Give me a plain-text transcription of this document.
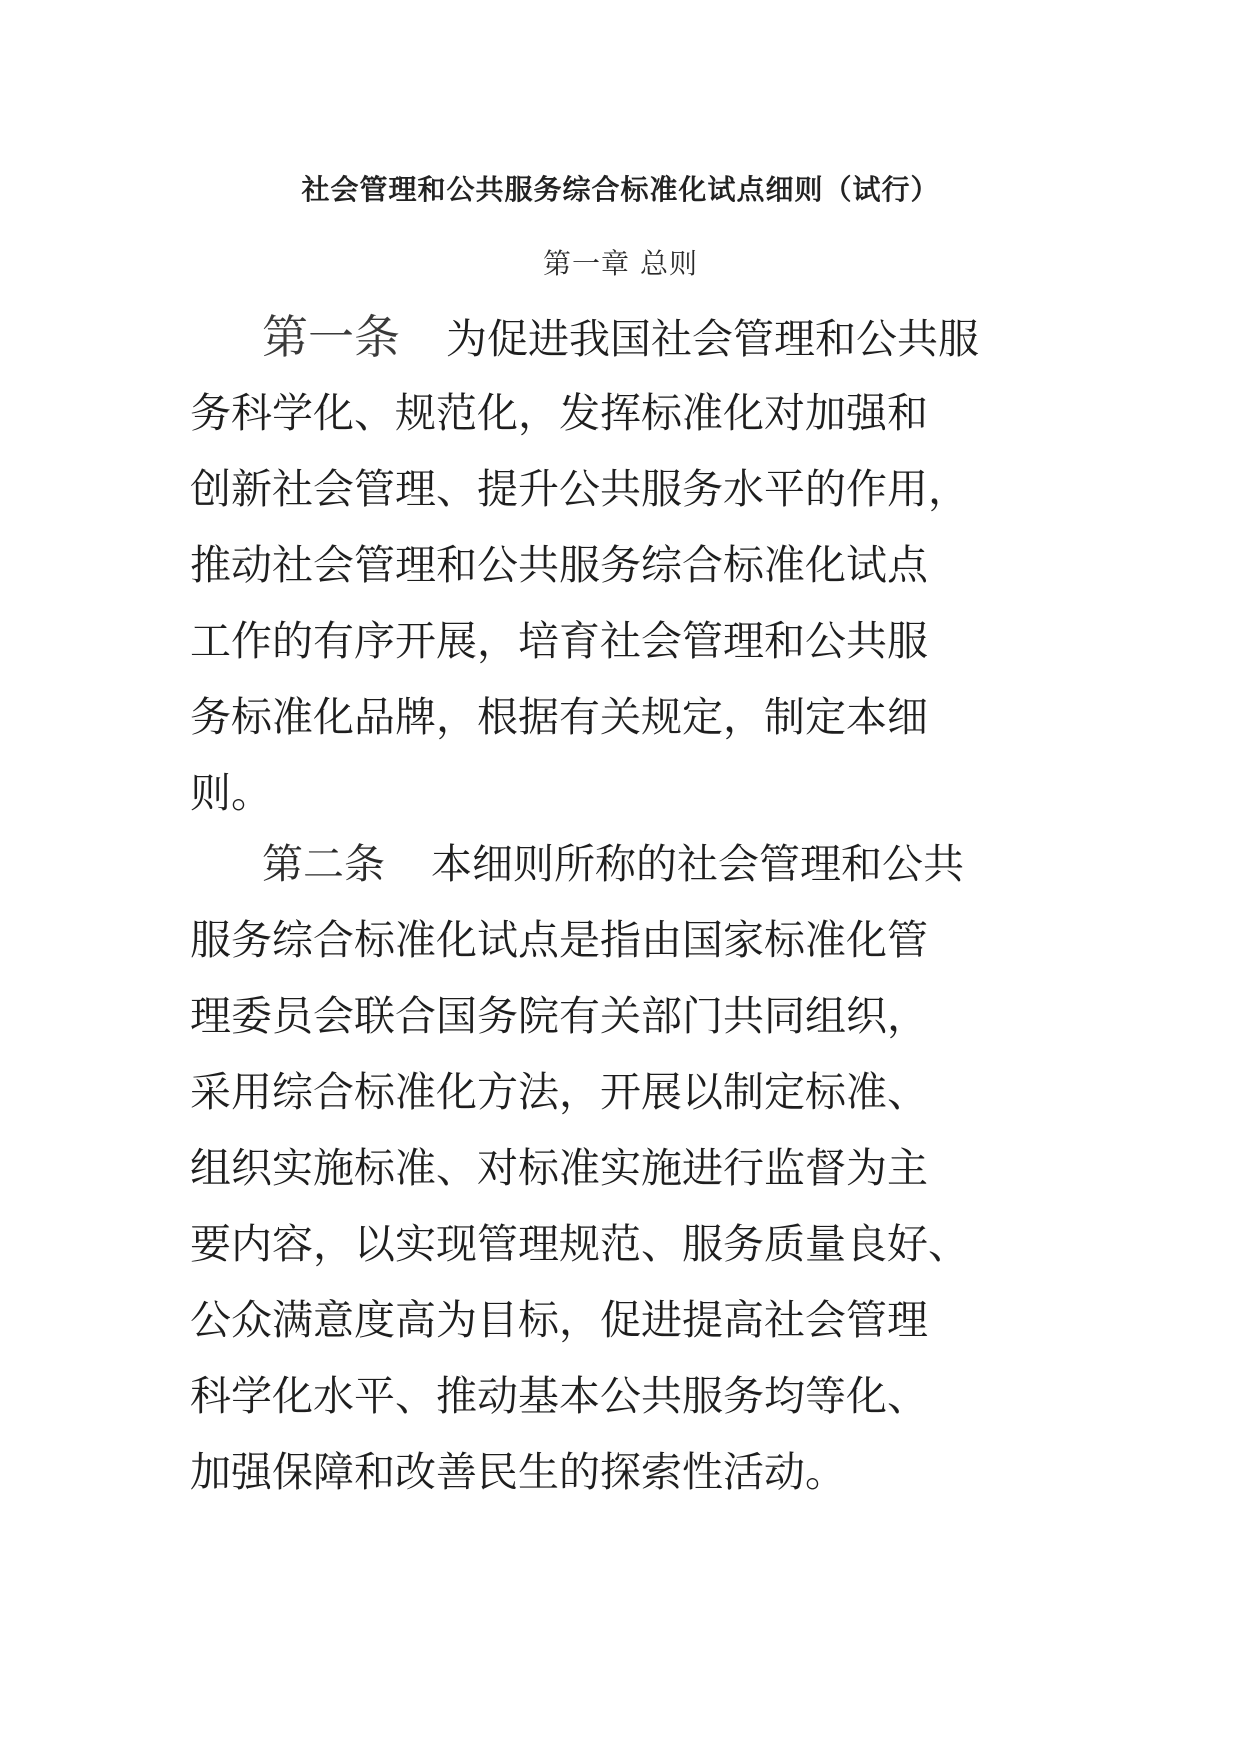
社会管理和公共服务综合标准化试点细则（试行）
第一章 总则
第一条 为促进我国社会管理和公共服
务科学化、规范化，发挥标准化对加强和
创新社会管理、提升公共服务水平的作用，
推动社会管理和公共服务综合标准化试点
工作的有序开展，培育社会管理和公共服
务标准化品牌，根据有关规定，制定本细
则。
第二条 本细则所称的社会管理和公共
服务综合标准化试点是指由国家标准化管
理委员会联合国务院有关部门共同组织，
采用综合标准化方法，开展以制定标准、
组织实施标准、对标准实施进行监督为主
要内容，以实现管理规范、服务质量良好、
公众满意度高为目标，促进提高社会管理
科学化水平、推动基本公共服务均等化、
加强保障和改善民生的探索性活动。
